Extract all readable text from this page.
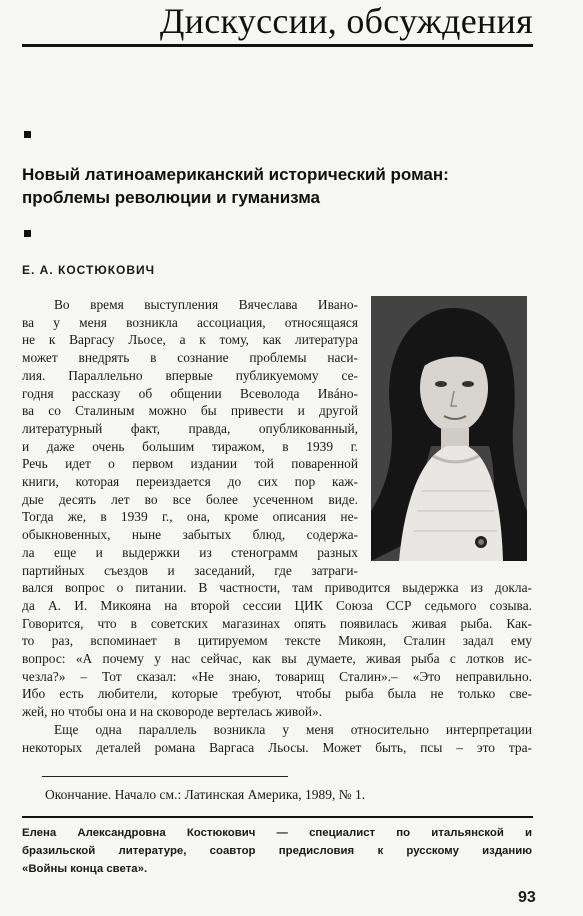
Дискуссии, обсуждения
Новый латиноамериканский исторический роман:
проблемы революции и гуманизма
Е. А. КОСТЮКОВИЧ
Во время выступления Вячеслава Ивано-
ва у меня возникла ассоциация, относящаяся
не к Варгасу Льосе, а к тому, как литература
может внедрять в сознание проблемы наси-
лия. Параллельно впервые публикуемому се-
годня рассказу об общении Всеволода Ивáно-
ва со Сталиным можно бы привести и другой
литературный факт, правда, опубликованный,
и даже очень большим тиражом, в 1939 г.
Речь идет о первом издании той поваренной
книги, которая переиздается до сих пор каж-
дые десять лет во все более усеченном виде.
Тогда же, в 1939 г., она, кроме описания не-
обыкновенных, ныне забытых блюд, содержа-
ла еще и выдержки из стенограмм разных
партийных съездов и заседаний, где затраги-
вался вопрос о питании. В частности, там приводится выдержка из докла-
да А. И. Микояна на второй сессии ЦИК Союза ССР седьмого созыва.
Говорится, что в советских магазинах опять появилась живая рыба. Как-
то раз, вспоминает в цитируемом тексте Микоян, Сталин задал ему
вопрос: «А почему у нас сейчас, как вы думаете, живая рыба с лотков ис-
чезла?» – Тот сказал: «Не знаю, товарищ Сталин».– «Это неправильно.
Ибо есть любители, которые требуют, чтобы рыба была не только све-
жей, но чтобы она и на сковороде вертелась живой».
Еще одна параллель возникла у меня относительно интерпретации
некоторых деталей романа Варгаса Льосы. Может быть, псы – это тра-
Окончание. Начало см.: Латинская Америка, 1989, № 1.
Елена Александровна Костюкович — специалист по итальянской и
бразильской литературе, соавтор предисловия к русскому изданию
«Войны конца света».
93
